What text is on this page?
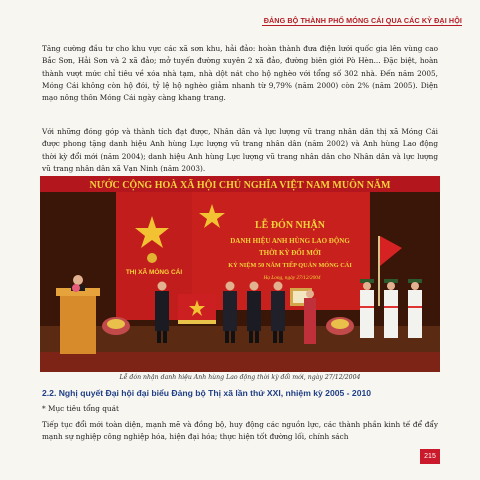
ĐẢNG BỘ THÀNH PHỐ MÓNG CÁI QUA CÁC KỲ ĐẠI HỘI

Tăng cường đầu tư cho khu vực các xã sơn khu, hải đảo: hoàn thành đưa điện lưới quốc gia lên vùng cao Bắc Sơn, Hải Sơn và 2 xã đảo; mở tuyến đường xuyên 2 xã đảo, đường biên giới Pò Hèn... Đặc biệt, hoàn thành vượt mức chỉ tiêu về xóa nhà tạm, nhà dột nát cho hộ nghèo với tổng số 302 nhà. Đến năm 2005, Móng Cái không còn hộ đói, tỷ lệ hộ nghèo giảm nhanh từ 9,79% (năm 2000) còn 2% (năm 2005). Diện mạo nông thôn Móng Cái ngày càng khang trang.

Với những đóng góp và thành tích đạt được, Nhân dân và lực lượng vũ trang nhân dân thị xã Móng Cái được phong tặng danh hiệu Anh hùng Lực lượng vũ trang nhân dân (năm 2002) và Anh hùng Lao động thời kỳ đổi mới (năm 2004); danh hiệu Anh hùng Lực lượng vũ trang nhân dân cho Nhân dân và lực lượng vũ trang nhân dân xã Vạn Ninh (năm 2003).

NƯỚC CỘNG HOÀ XÃ HỘI CHỦ NGHĨA VIỆT NAM MUÔN NĂM
THỊ XÃ MÓNG CÁI
LỄ ĐÓN NHẬN
DANH HIỆU ANH HÙNG LAO ĐỘNG
THỜI KỲ ĐỔI MỚI
KỶ NIỆM 50 NĂM TIẾP QUẢN MÓNG CÁI
Hạ Long, ngày 27/12/2004
Lễ đón nhận danh hiệu Anh hùng Lao động thời kỳ đổi mới, ngày 27/12/2004
2.2. Nghị quyết Đại hội đại biểu Đảng bộ Thị xã lần thứ XXI, nhiệm kỳ 2005 - 2010
* Mục tiêu tổng quát

Tiếp tục đổi mới toàn diện, mạnh mẽ và đồng bộ, huy động các nguồn lực, các thành phần kinh tế để đẩy mạnh sự nghiệp công nghiệp hóa, hiện đại hóa; thực hiện tốt đường lối, chính sách

215
